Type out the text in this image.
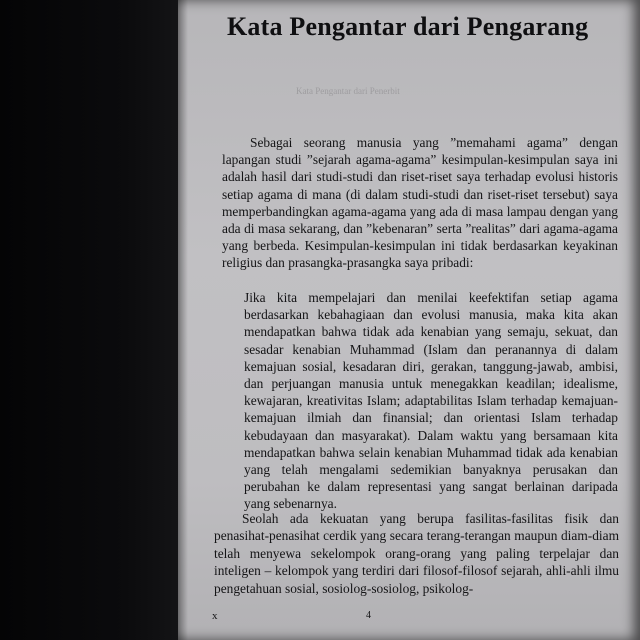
Kata Pengantar dari Penerbit
Kata Pengantar dari Pengarang

Sebagai seorang manusia yang ”memahami agama” dengan lapangan studi ”sejarah agama-agama” kesimpulan-kesimpulan saya ini adalah hasil dari studi-studi dan riset-riset saya terhadap evolusi historis setiap agama di mana (di dalam studi-studi dan riset-riset tersebut) saya memperbandingkan agama-agama yang ada di masa lampau dengan yang ada di masa sekarang, dan ”kebenaran” serta ”realitas” dari agama-agama yang berbeda. Kesimpulan-kesimpulan ini tidak berdasarkan keyakinan religius dan prasangka-prasangka saya pribadi:

Jika kita mempelajari dan menilai keefektifan setiap agama berdasarkan kebahagiaan dan evolusi manusia, maka kita akan mendapatkan bahwa tidak ada kenabian yang semaju, sekuat, dan sesadar kenabian Muhammad (Islam dan peranannya di dalam kemajuan sosial, kesadaran diri, gerakan, tanggung-jawab, ambisi, dan perjuangan manusia untuk menegakkan keadilan; idealisme, kewajaran, kreativitas Islam; adaptabilitas Islam terhadap kemajuan-kemajuan ilmiah dan finansial; dan orientasi Islam terhadap kebudayaan dan masyarakat). Dalam waktu yang bersamaan kita mendapatkan bahwa selain kenabian Muhammad tidak ada kenabian yang telah mengalami sedemikian banyaknya perusakan dan perubahan ke dalam representasi yang sangat berlainan daripada yang sebenarnya.

Seolah ada kekuatan yang berupa fasilitas-fasilitas fisik dan penasihat-penasihat cerdik yang secara terang-terangan maupun diam-diam telah menyewa sekelompok orang-orang yang paling terpelajar dan inteligen – kelompok yang terdiri dari filosof-filosof sejarah, ahli-ahli ilmu pengetahuan sosial, sosiolog-sosiolog, psikolog-

x	4
